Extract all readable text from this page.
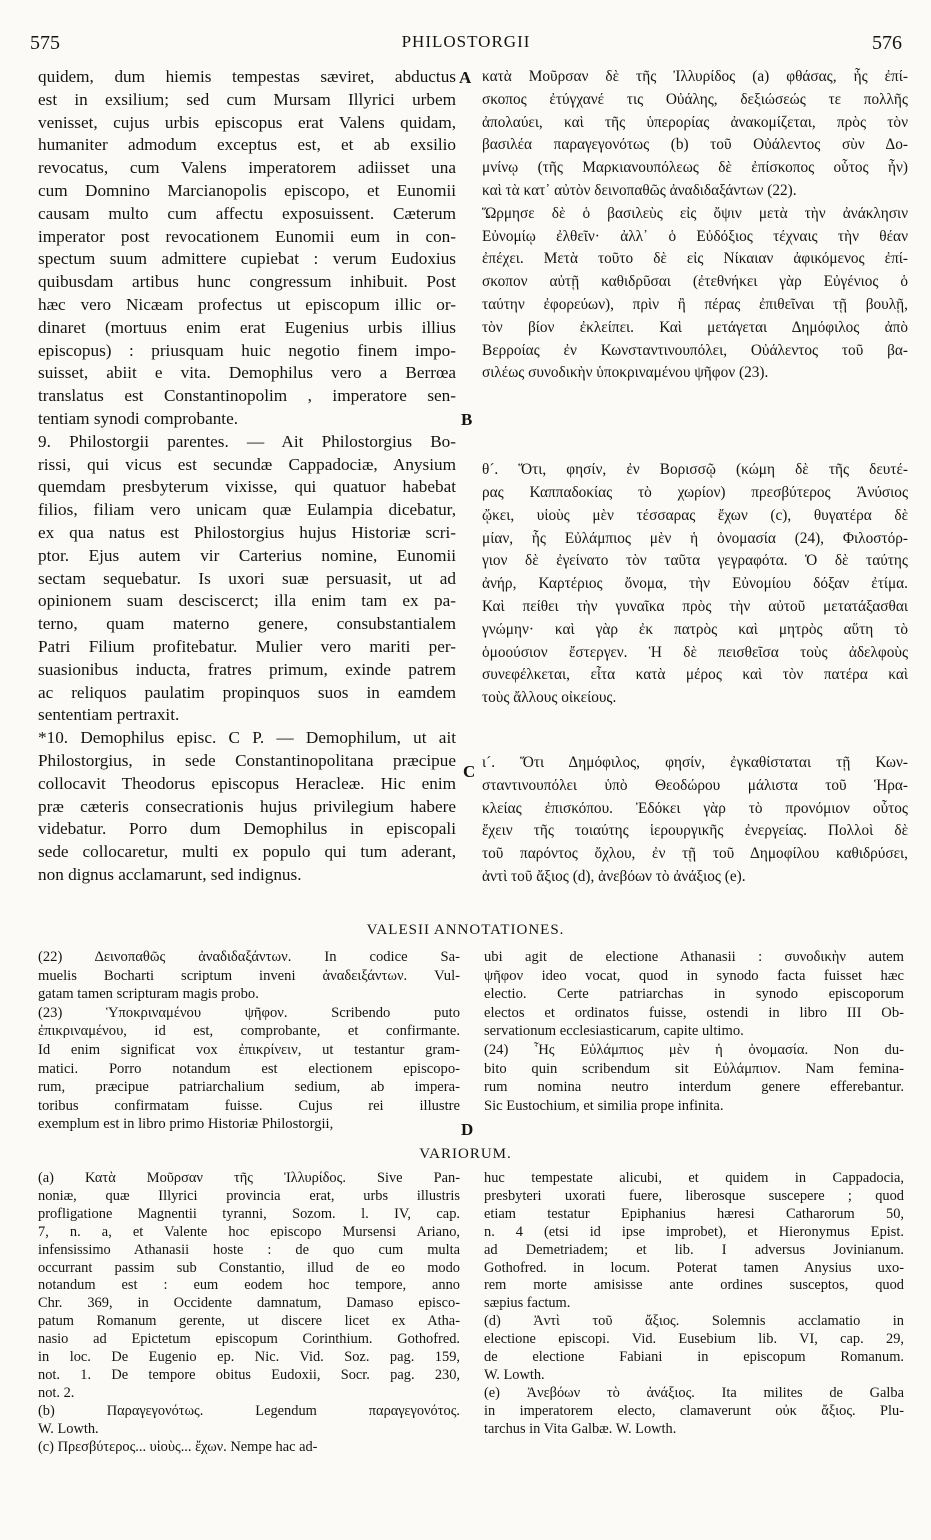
575	PHILOSTORGII	576
quidem, dum hiemis tempestas sæviret, abductus
est in exsilium; sed cum Mursam Illyrici urbem
venisset, cujus urbis episcopus erat Valens quidam,
humaniter admodum exceptus est, et ab exsilio
revocatus, cum Valens imperatorem adiisset una
cum Domnino Marcianopolis episcopo, et Eunomii
causam multo cum affectu exposuissent. Cæterum
imperator post revocationem Eunomii eum in con-
spectum suum admittere cupiebat : verum Eudoxius
quibusdam artibus hunc congressum inhibuit. Post
hæc vero Nicæam profectus ut episcopum illic or-
dinaret (mortuus enim erat Eugenius urbis illius
episcopus) : priusquam huic negotio finem impo-
suisset, abiit e vita. Demophilus vero a Berrœa
translatus est Constantinopolim , imperatore sen-
tentiam synodi comprobante.
9. Philostorgii parentes. — Ait Philostorgius Bo-
rissi, qui vicus est secundæ Cappadociæ, Anysium
quemdam presbyterum vixisse, qui quatuor habebat
filios, filiam vero unicam quæ Eulampia dicebatur,
ex qua natus est Philostorgius hujus Historiæ scri-
ptor. Ejus autem vir Carterius nomine, Eunomii
sectam sequebatur. Is uxori suæ persuasit, ut ad
opinionem suam desciscerct; illa enim tam ex pa-
terno, quam materno genere, consubstantialem
Patri Filium profitebatur. Mulier vero mariti per-
suasionibus inducta, fratres primum, exinde patrem
ac reliquos paulatim propinquos suos in eamdem
sententiam pertraxit.
*10. Demophilus episc. C P. — Demophilum, ut ait
Philostorgius, in sede Constantinopolitana præcipue
collocavit Theodorus episcopus Heracleæ. Hic enim
præ cæteris consecrationis hujus privilegium habere
videbatur. Porro dum Demophilus in episcopali
sede collocaretur, multi ex populo qui tum aderant,
non dignus acclamarunt, sed indignus.
κατὰ Μοῦρσαν δὲ τῆς Ἰλλυρίδος (a) φθάσας, ἧς ἐπί-
σκοπος ἐτύγχανέ τις Οὐάλης, δεξιώσεώς τε πολλῆς
ἀπολαύει, καὶ τῆς ὑπερορίας ἀνακομίζεται, πρὸς τὸν
βασιλέα παραγεγονότως (b) τοῦ Οὐάλεντος σὺν Δο-
μνίνῳ (τῆς Μαρκιανουπόλεως δὲ ἐπίσκοπος οὗτος ἦν)
καὶ τὰ κατ᾽ αὐτὸν δεινοπαθῶς ἀναδιδαξάντων (22).
Ὥρμησε δὲ ὁ βασιλεὺς εἰς ὄψιν μετὰ τὴν ἀνάκλησιν
Εὐνομίῳ ἐλθεῖν· ἀλλ᾽ ὁ Εὐδόξιος τέχναις τὴν θέαν
ἐπέχει. Μετὰ τοῦτο δὲ εἰς Νίκαιαν ἀφικόμενος ἐπί-
σκοπον αὐτῇ καθιδρῦσαι (ἐτεθνήκει γὰρ Εὐγένιος ὁ
ταύτην ἐφορεύων), πρὶν ἢ πέρας ἐπιθεῖναι τῇ βουλῇ,
τὸν βίον ἐκλείπει. Καὶ μετάγεται Δημόφιλος ἀπὸ
Βερροίας ἐν Κωνσταντινουπόλει, Οὐάλεντος τοῦ βα-
σιλέως συνοδικὴν ὑποκριναμένου ψῆφον (23).
θ´. Ὅτι, φησίν, ἐν Βορισσῷ (κώμη δὲ τῆς δευτέ-
ρας Καππαδοκίας τὸ χωρίον) πρεσβύτερος Ἀνύσιος
ᾤκει, υἱοὺς μὲν τέσσαρας ἔχων (c), θυγατέρα δὲ
μίαν, ἧς Εὐλάμπιος μὲν ἡ ὀνομασία (24), Φιλοστόρ-
γιον δὲ ἐγείνατο τὸν ταῦτα γεγραφότα. Ὁ δὲ ταύτης
ἀνήρ, Καρτέριος ὄνομα, τὴν Εὐνομίου δόξαν ἐτίμα.
Καὶ πείθει τὴν γυναῖκα πρὸς τὴν αὐτοῦ μετατάξασθαι
γνώμην· καὶ γὰρ ἐκ πατρὸς καὶ μητρὸς αὕτη τὸ
ὁμοούσιον ἔστεργεν. Ἡ δὲ πεισθεῖσα τοὺς ἀδελφοὺς
συνεφέλκεται, εἶτα κατὰ μέρος καὶ τὸν πατέρα καὶ
τοὺς ἄλλους οἰκείους.
ι´. Ὅτι Δημόφιλος, φησίν, ἐγκαθίσταται τῇ Κων-
σταντινουπόλει ὑπὸ Θεοδώρου μάλιστα τοῦ Ἡρα-
κλείας ἐπισκόπου. Ἐδόκει γὰρ τὸ προνόμιον οὗτος
ἔχειν τῆς τοιαύτης ἱερουργικῆς ἐνεργείας. Πολλοὶ δὲ
τοῦ παρόντος ὄχλου, ἐν τῇ τοῦ Δημοφίλου καθιδρύσει,
ἀντὶ τοῦ ἄξιος (d), ἀνεβόων τὸ ἀνάξιος (e).
A
B
C
D
VALESII ANNOTATIONES.
(22) Δεινοπαθῶς ἀναδιδαξάντων. In codice Sa-
muelis Bocharti scriptum inveni ἀναδειξάντων. Vul-
gatam tamen scripturam magis probo.
(23) Ὑποκριναμένου ψῆφον. Scribendo puto
ἐπικριναμένου, id est, comprobante, et confirmante.
Id enim significat vox ἐπικρίνειν, ut testantur gram-
matici. Porro notandum est electionem episcopo-
rum, præcipue patriarchalium sedium, ab impera-
toribus confirmatam fuisse. Cujus rei illustre
exemplum est in libro primo Historiæ Philostorgii,
ubi agit de electione Athanasii : συνοδικὴν autem
ψῆφον ideo vocat, quod in synodo facta fuisset hæc
electio. Certe patriarchas in synodo episcoporum
electos et ordinatos fuisse, ostendi in libro III Ob-
servationum ecclesiasticarum, capite ultimo.
(24) Ἧς Εὐλάμπιος μὲν ἡ ὀνομασία. Non du-
bito quin scribendum sit Εὐλάμπιον. Nam femina-
rum nomina neutro interdum genere efferebantur.
Sic Eustochium, et similia prope infinita.
VARIORUM.
(a) Κατὰ Μοῦρσαν τῆς Ἰλλυρίδος. Sive Pan-
noniæ, quæ Illyrici provincia erat, urbs illustris
profligatione Magnentii tyranni, Sozom. l. IV, cap.
7, n. a, et Valente hoc episcopo Mursensi Ariano,
infensissimo Athanasii hoste : de quo cum multa
occurrant passim sub Constantio, illud de eo modo
notandum est : eum eodem hoc tempore, anno
Chr. 369, in Occidente damnatum, Damaso episco-
patum Romanum gerente, ut discere licet ex Atha-
nasio ad Epictetum episcopum Corinthium. Gothofred.
in loc. De Eugenio ep. Nic. Vid. Soz. pag. 159,
not. 1. De tempore obitus Eudoxii, Socr. pag. 230,
not. 2.
(b) Παραγεγονότως. Legendum παραγεγονότος.
W. Lowth.
(c) Πρεσβύτερος... υἱοὺς... ἔχων. Nempe hac ad-
huc tempestate alicubi, et quidem in Cappadocia,
presbyteri uxorati fuere, liberosque suscepere ; quod
etiam testatur Epiphanius hæresi Catharorum 50,
n. 4 (etsi id ipse improbet), et Hieronymus Epist.
ad Demetriadem; et lib. I adversus Jovinianum.
Gothofred. in locum. Poterat tamen Anysius uxo-
rem morte amisisse ante ordines susceptos, quod
sæpius factum.
(d) Ἀντὶ τοῦ ἄξιος. Solemnis acclamatio in
electione episcopi. Vid. Eusebium lib. VI, cap. 29,
de electione Fabiani in episcopum Romanum.
W. Lowth.
(e) Ἀνεβόων τὸ ἀνάξιος. Ita milites de Galba
in imperatorem electo, clamaverunt οὐκ ἄξιος. Plu-
tarchus in Vita Galbæ. W. Lowth.
